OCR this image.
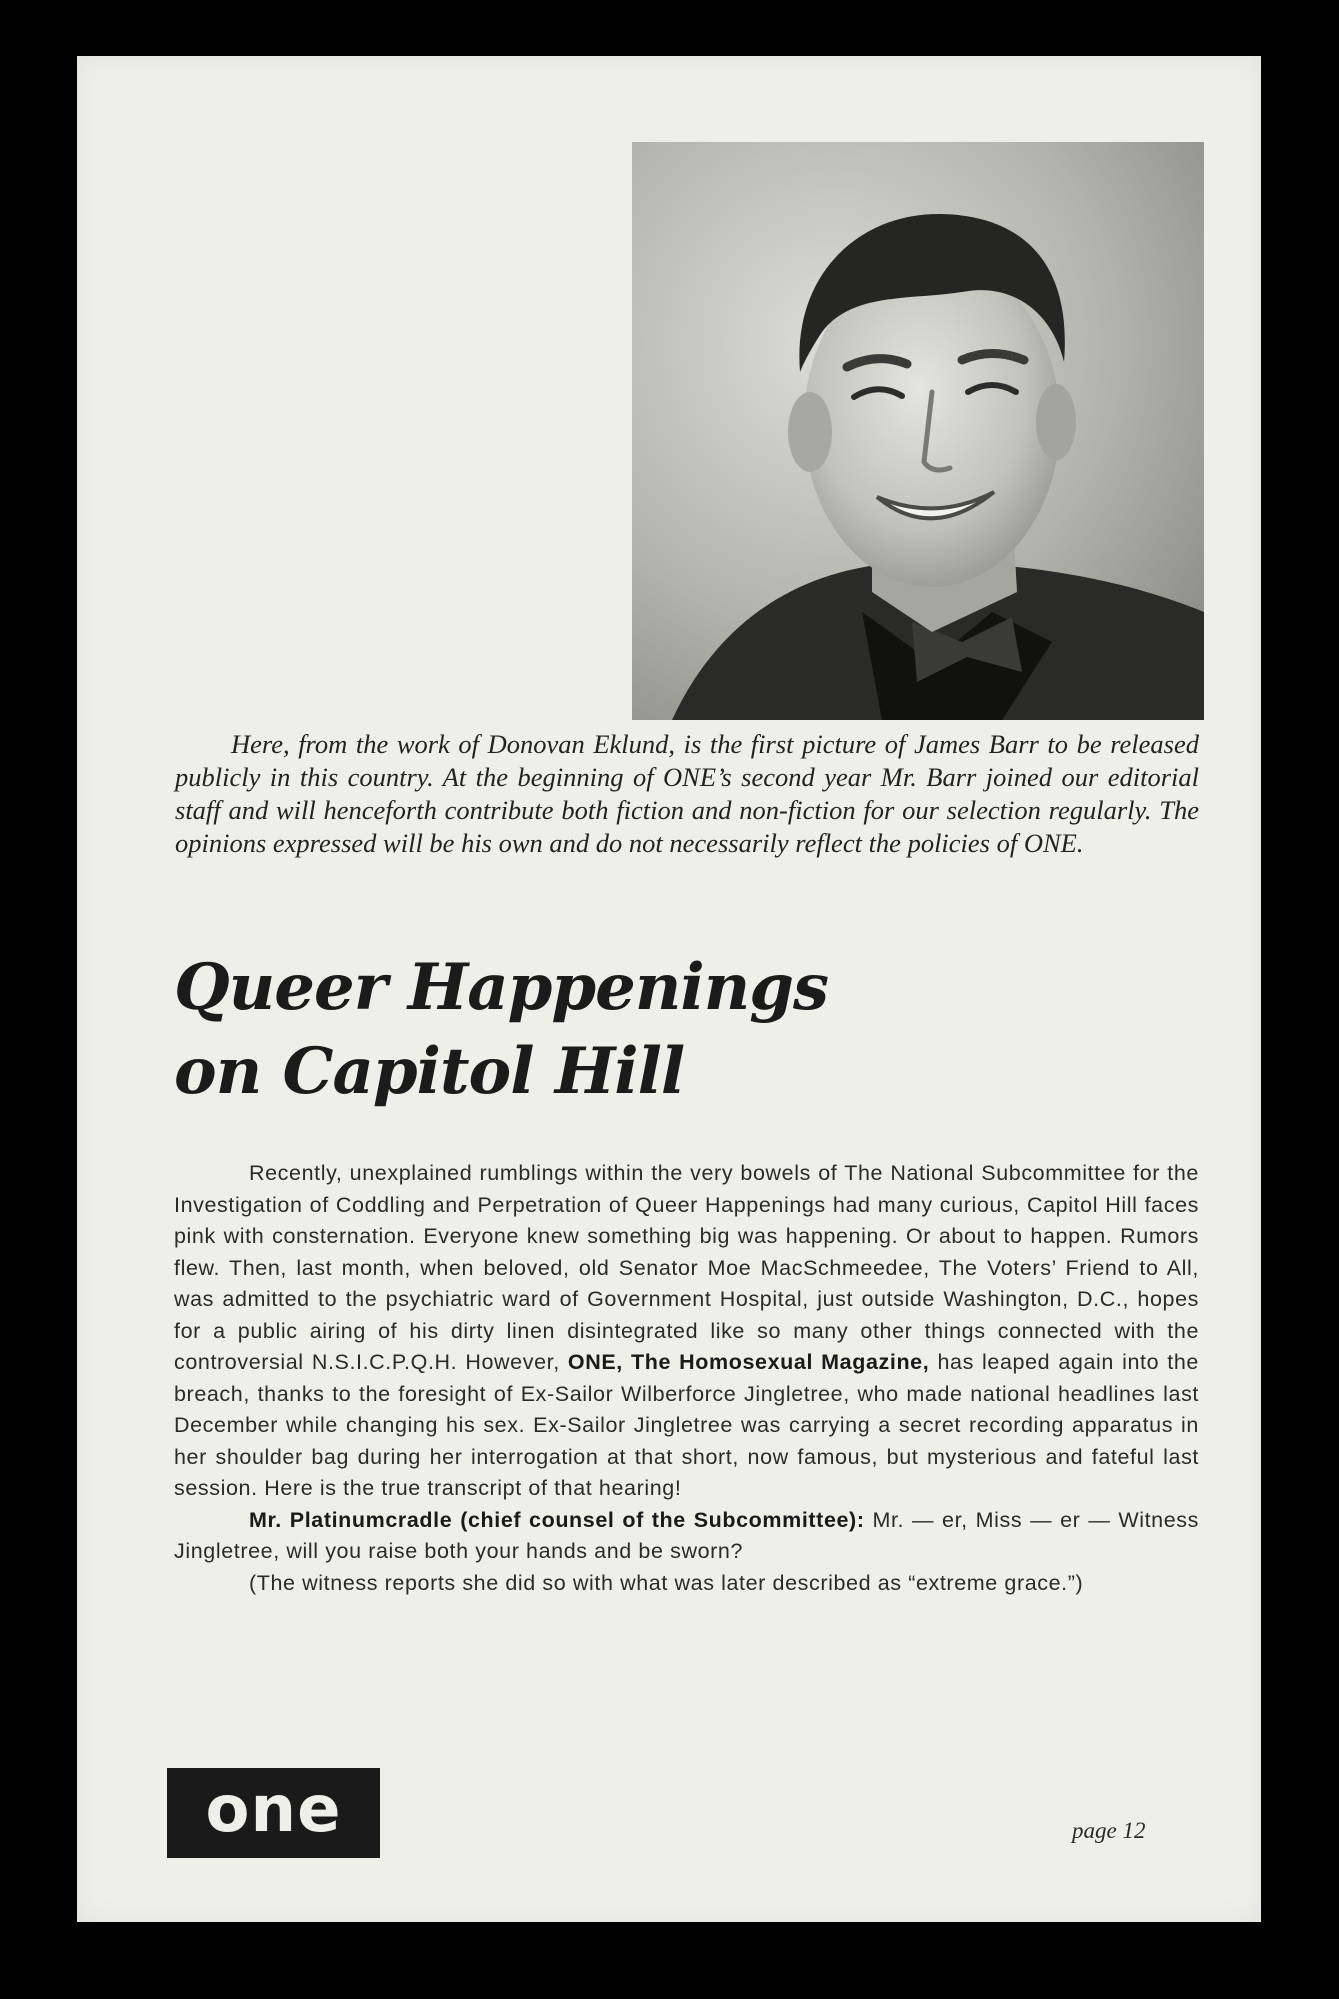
Here, from the work of Donovan Eklund, is the first picture of James Barr to be released publicly in this country. At the beginning of ONE’s second year Mr. Barr joined our editorial staff and will henceforth contribute both fiction and non-fiction for our selection regularly. The opinions expressed will be his own and do not necessarily reflect the policies of ONE.

Queer Happenings
on Capitol Hill

Recently, unexplained rumblings within the very bowels of The National Subcommittee for the Investigation of Coddling and Perpetration of Queer Happenings had many curious, Capitol Hill faces pink with consternation. Everyone knew something big was happening. Or about to happen. Rumors flew. Then, last month, when beloved, old Senator Moe MacSchmeedee, The Voters’ Friend to All, was admitted to the psychiatric ward of Government Hospital, just outside Washington, D.C., hopes for a public airing of his dirty linen disintegrated like so many other things connected with the controversial N.S.I.C.P.Q.H. However, ONE, The Homosexual Magazine, has leaped again into the breach, thanks to the foresight of Ex-Sailor Wilberforce Jingletree, who made national headlines last December while changing his sex. Ex-Sailor Jingletree was carrying a secret recording apparatus in her shoulder bag during her interrogation at that short, now famous, but mysterious and fateful last session. Here is the true transcript of that hearing!

Mr. Platinumcradle (chief counsel of the Subcommittee): Mr. — er, Miss — er — Witness Jingletree, will you raise both your hands and be sworn?

(The witness reports she did so with what was later described as “extreme grace.”)

one	page 12
